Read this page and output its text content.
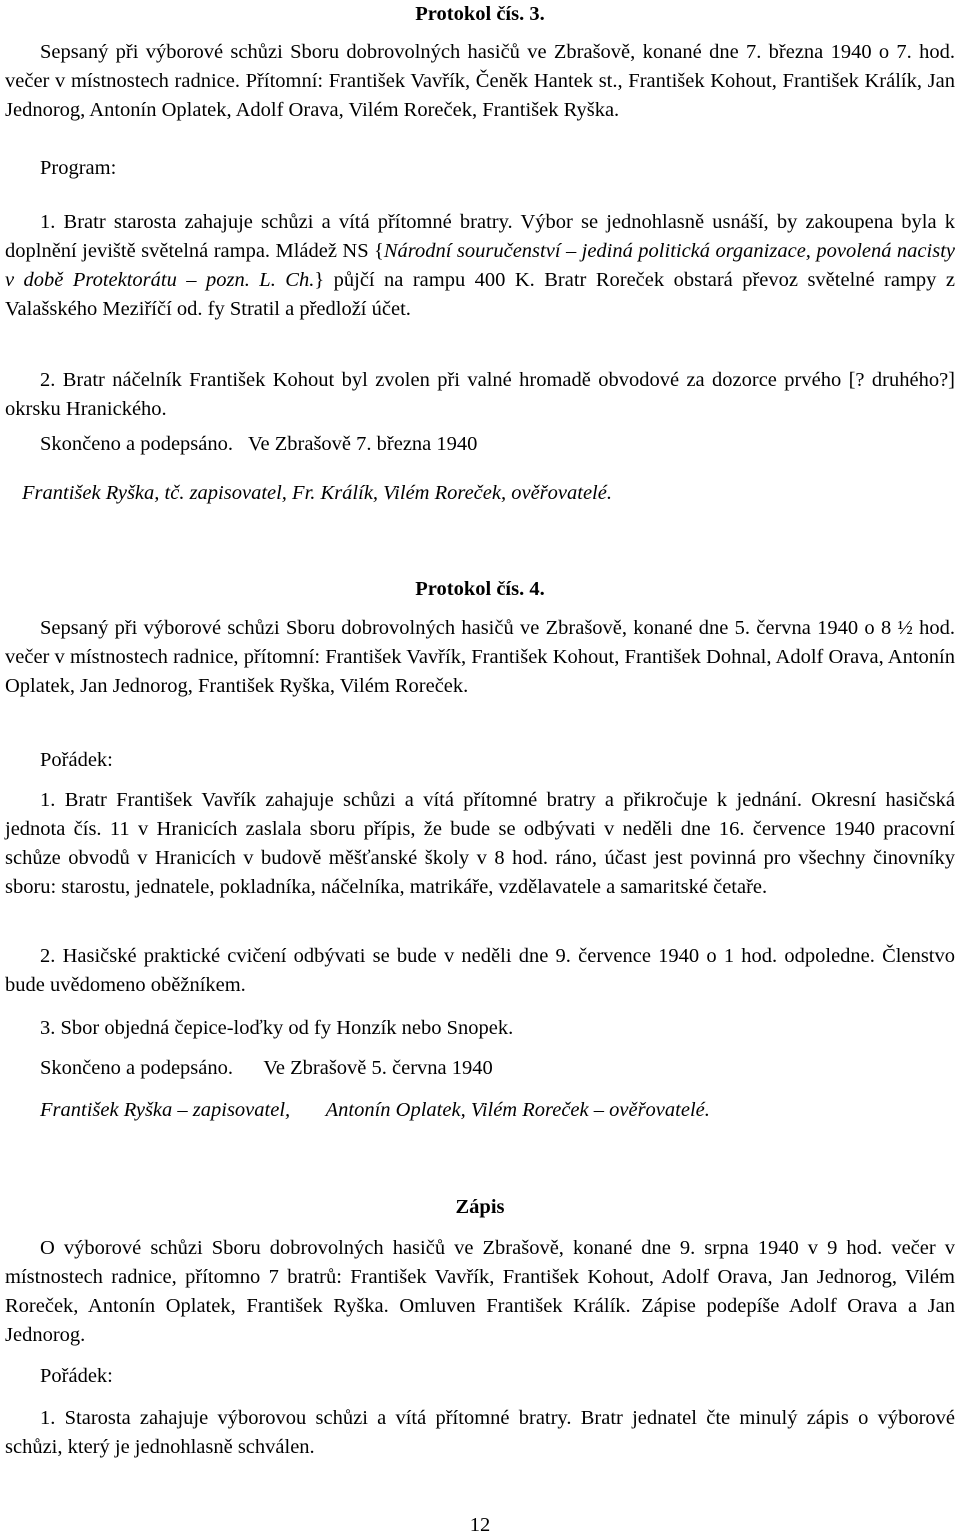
Protokol čís. 3.
Sepsaný při výborové schůzi Sboru dobrovolných hasičů ve Zbrašově, konané dne 7. března 1940 o 7. hod. večer v místnostech radnice. Přítomní: František Vavřík, Čeněk Hantek st., František Kohout, František Králík, Jan Jednorog, Antonín Oplatek, Adolf Orava, Vilém Roreček, František Ryška.
Program:
1. Bratr starosta zahajuje schůzi a vítá přítomné bratry. Výbor se jednohlasně usnáší, by zakoupena byla k doplnění jeviště světelná rampa. Mládež NS {Národní souručenství – jediná politická organizace, povolená nacisty v době Protektorátu – pozn. L. Ch.} půjčí na rampu 400 K. Bratr Roreček obstará převoz světelné rampy z Valašského Meziříčí od. fy Stratil a předloží účet.
2. Bratr náčelník František Kohout byl zvolen při valné hromadě obvodové za dozorce prvého [? druhého?] okrsku Hranického.
Skončeno a podepsáno.   Ve Zbrašově 7. března 1940
František Ryška, tč. zapisovatel, Fr. Králík, Vilém Roreček, ověřovatelé.
Protokol čís. 4.
Sepsaný při výborové schůzi Sboru dobrovolných hasičů ve Zbrašově, konané dne 5. června 1940 o 8 ½ hod. večer v místnostech radnice, přítomní: František Vavřík, František Kohout, František Dohnal, Adolf Orava, Antonín Oplatek, Jan Jednorog, František Ryška, Vilém Roreček.
Pořádek:
1. Bratr František Vavřík zahajuje schůzi a vítá přítomné bratry a přikročuje k jednání. Okresní hasičská jednota čís. 11 v Hranicích zaslala sboru přípis, že bude se odbývati v neděli dne 16. července 1940 pracovní schůze obvodů v Hranicích v budově měšťanské školy v 8 hod. ráno, účast jest povinná pro všechny činovníky sboru: starostu, jednatele, pokladníka, náčelníka, matrikáře, vzdělavatele a samaritské četaře.
2. Hasičské praktické cvičení odbývati se bude v neděli dne 9. července 1940 o 1 hod. odpoledne. Členstvo bude uvědomeno oběžníkem.
3. Sbor objedná čepice-loďky od fy Honzík nebo Snopek.
Skončeno a podepsáno.      Ve Zbrašově 5. června 1940
František Ryška – zapisovatel,       Antonín Oplatek, Vilém Roreček – ověřovatelé.
Zápis
O výborové schůzi Sboru dobrovolných hasičů ve Zbrašově, konané dne 9. srpna 1940 v 9 hod. večer v místnostech radnice, přítomno 7 bratrů: František Vavřík, František Kohout, Adolf Orava, Jan Jednorog, Vilém Roreček, Antonín Oplatek, František Ryška. Omluven František Králík. Zápise podepíše Adolf Orava a Jan Jednorog.
Pořádek:
1. Starosta zahajuje výborovou schůzi a vítá přítomné bratry. Bratr jednatel čte minulý zápis o výborové schůzi, který je jednohlasně schválen.
12
